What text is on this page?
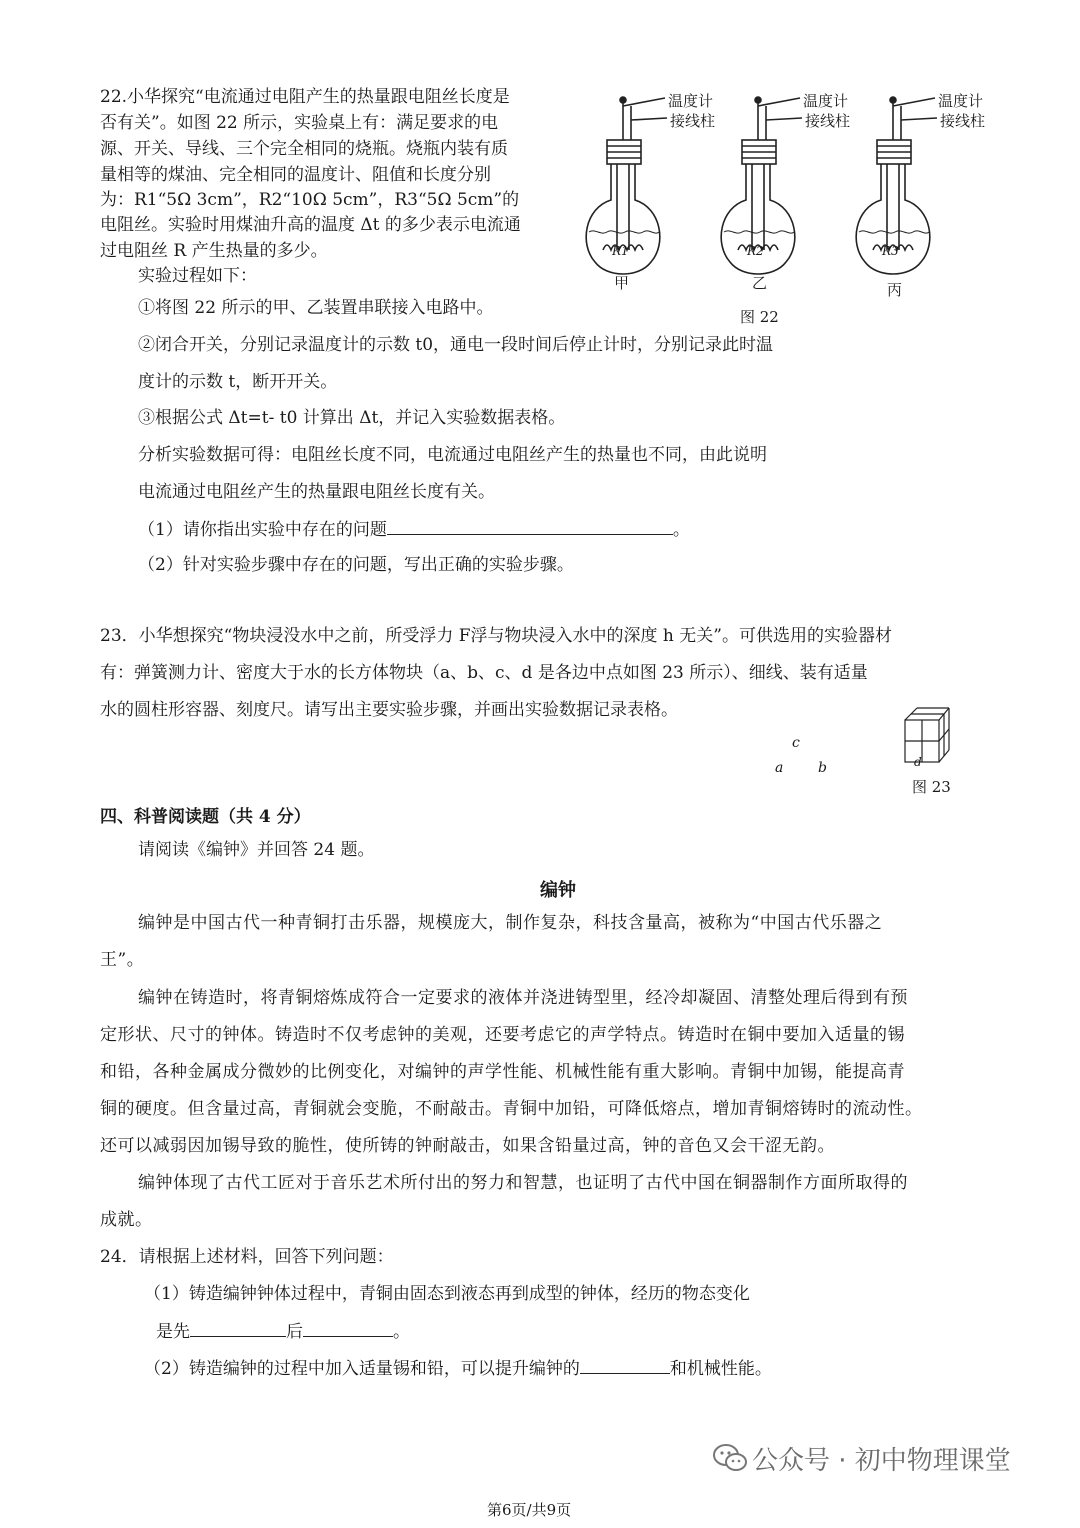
22.小华探究“电流通过电阻产生的热量跟电阻丝长度是
否有关”。如图 22 所示，实验桌上有：满足要求的电
源、开关、导线、三个完全相同的烧瓶。烧瓶内装有质
量相等的煤油、完全相同的温度计、阻值和长度分别
为：R1“5Ω 3cm”，R2“10Ω 5cm”，R3“5Ω 5cm”的
电阻丝。实验时用煤油升高的温度 Δt 的多少表示电流通
过电阻丝 R 产生热量的多少。
实验过程如下：
①将图 22 所示的甲、乙装置串联接入电路中。
②闭合开关，分别记录温度计的示数 t0，通电一段时间后停止计时，分别记录此时温
度计的示数 t，断开开关。
③根据公式 Δt=t- t0 计算出 Δt，并记入实验数据表格。
分析实验数据可得：电阻丝长度不同，电流通过电阻丝产生的热量也不同，由此说明
电流通过电阻丝产生的热量跟电阻丝长度有关。
（1）请你指出实验中存在的问题	。
（2）针对实验步骤中存在的问题，写出正确的实验步骤。
温度计
接线柱
温度计
接线柱
温度计
接线柱
R1	R2	R3
甲	乙	丙
图 22
23．小华想探究“物块浸没水中之前，所受浮力 F浮与物块浸入水中的深度 h 无关”。可供选用的实验器材
有：弹簧测力计、密度大于水的长方体物块（a、b、c、d 是各边中点如图 23 所示）、细线、装有适量
水的圆柱形容器、刻度尺。请写出主要实验步骤，并画出实验数据记录表格。
c
a b	d
图 23
四、科普阅读题（共 4 分）
请阅读《编钟》并回答 24 题。
编钟
编钟是中国古代一种青铜打击乐器，规模庞大，制作复杂，科技含量高，被称为“中国古代乐器之
王”。
编钟在铸造时，将青铜熔炼成符合一定要求的液体并浇进铸型里，经冷却凝固、清整处理后得到有预
定形状、尺寸的钟体。铸造时不仅考虑钟的美观，还要考虑它的声学特点。铸造时在铜中要加入适量的锡
和铅，各种金属成分微妙的比例变化，对编钟的声学性能、机械性能有重大影响。青铜中加锡，能提高青
铜的硬度。但含量过高，青铜就会变脆，不耐敲击。青铜中加铅，可降低熔点，增加青铜熔铸时的流动性。
还可以减弱因加锡导致的脆性，使所铸的钟耐敲击，如果含铅量过高，钟的音色又会干涩无韵。
编钟体现了古代工匠对于音乐艺术所付出的努力和智慧，也证明了古代中国在铜器制作方面所取得的
成就。
24．请根据上述材料，回答下列问题：
（1）铸造编钟钟体过程中，青铜由固态到液态再到成型的钟体，经历的物态变化
是先	后	。
（2）铸造编钟的过程中加入适量锡和铅，可以提升编钟的	和机械性能。
公众号 · 初中物理课堂
第6页/共9页
